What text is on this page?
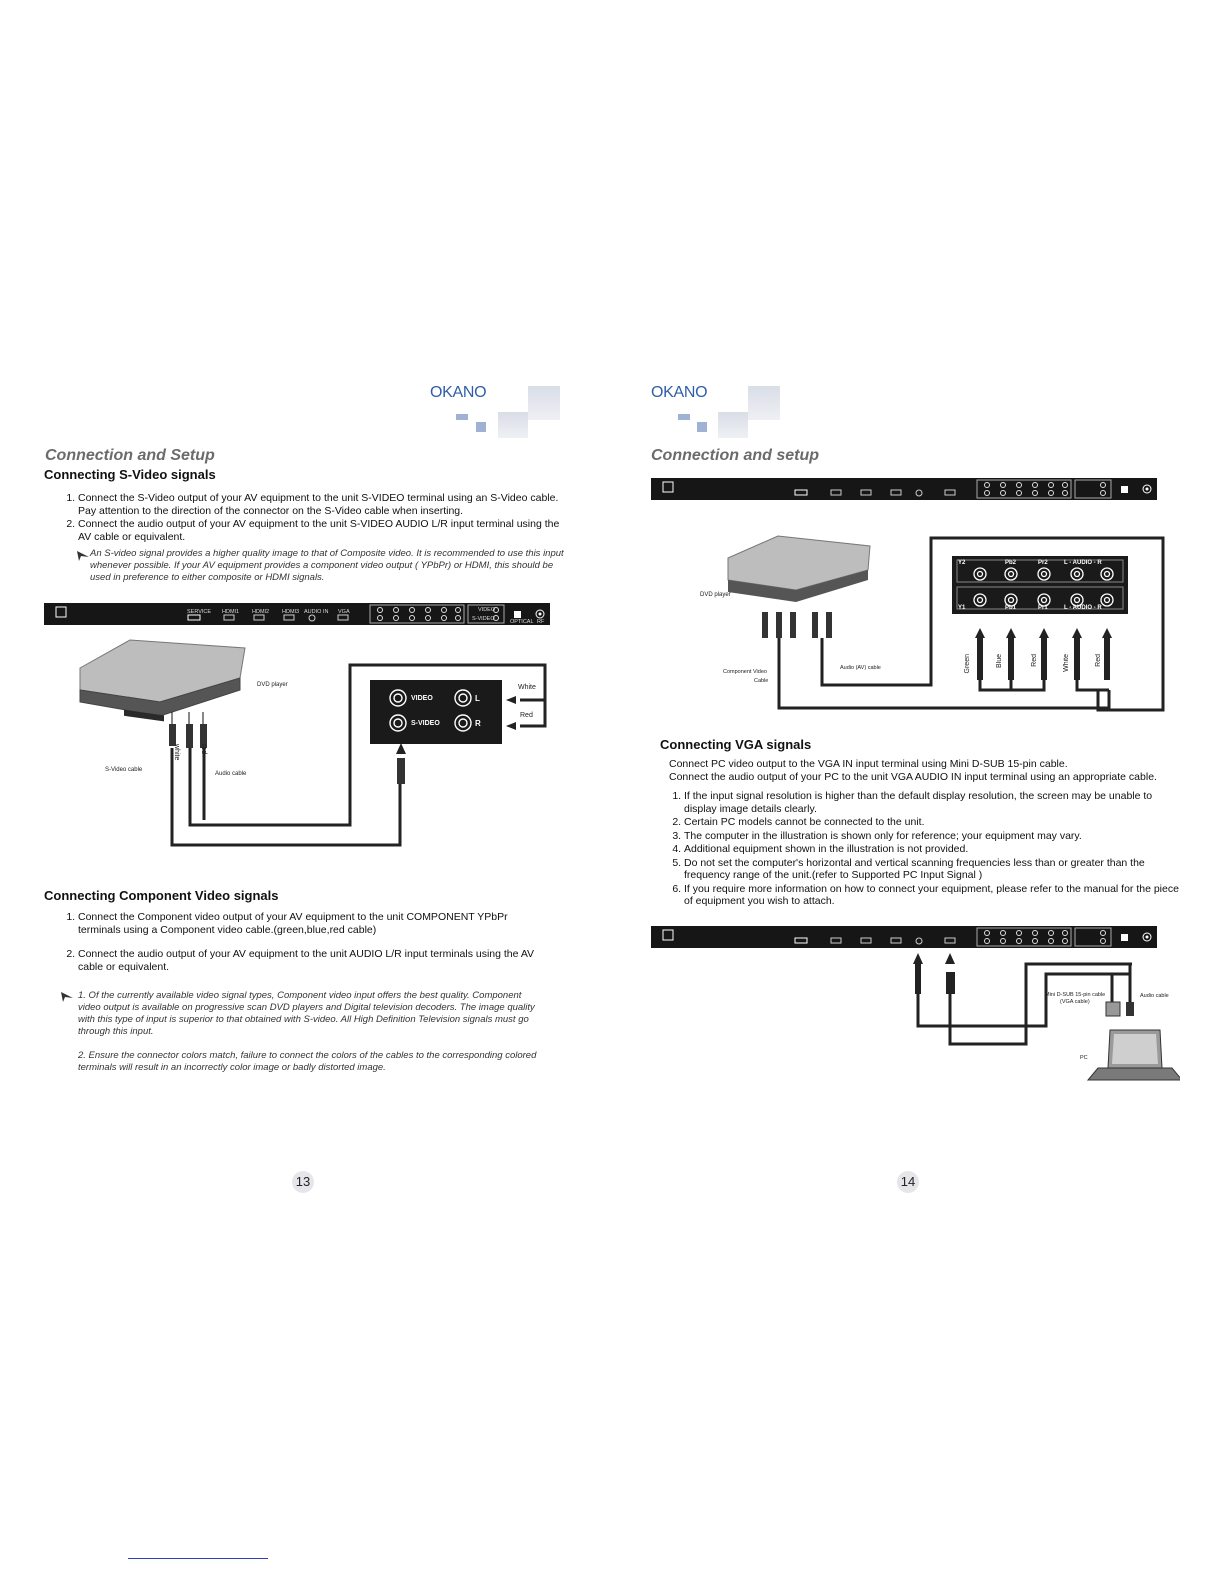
OKANO
Connection and Setup
Connecting S-Video signals
1. Connect the S-Video output of your AV equipment to the unit S-VIDEO terminal using an S-Video cable. Pay attention to the direction of the connector on the S-Video cable when inserting.
2. Connect the audio output of your AV equipment to the unit S-VIDEO AUDIO L/R input terminal using the AV cable or equivalent.
An S-video signal provides a higher quality image to that of Composite video. It is recommended to use this input whenever possible. If your AV equipment provides a component video output ( YPbPr) or HDMI, this should be used in preference to either composite or HDMI signals.
SERVICE HDMI1 HDMI2 HDMI3 AUDIO IN VGA	VIDEO
S-VIDEO	OPTICAL RF
DVD player
S-Video cable
Audio cable
White
Red
white	red
VIDEO
S-VIDEO
L
R
Connecting Component Video signals
1. Connect the Component video output of your AV equipment to the unit COMPONENT YPbPr terminals using a Component video cable.(green,blue,red cable)
2. Connect the audio output of your AV equipment to the unit AUDIO L/R input terminals using the AV cable or equivalent.
1. Of the currently available video signal types, Component video input offers the best quality. Component video output is available on progressive scan DVD players and Digital television decoders. The image quality with this type of input is superior to that obtained with S-video. All High Definition Television signals must go through this input.
2. Ensure the connector colors match, failure to connect the colors of the cables to the corresponding colored terminals will result in an incorrectly color image or badly distorted image.
13
OKANO
Connection and setup
Y2	Pb2	Pr2	L - AUDIO - R
Y1	Pb1	Pr1	L - AUDIO - R
DVD player
Component Video
Cable
Audio (AV) cable	Green	Blue	Red	White	Red
Connecting VGA signals
Connect PC video output to the VGA IN input terminal using Mini D-SUB 15-pin cable.
Connect the audio output of your PC to the unit VGA AUDIO IN input terminal using an appropriate cable.
1. If the input signal resolution is higher than the default display resolution, the screen may be unable to display image details clearly.
2. Certain PC models cannot be connected to the unit.
3. The computer in the illustration is shown only for reference; your equipment may vary.
4. Additional equipment shown in the illustration is not provided.
5. Do not set the computer's horizontal and vertical scanning frequencies less than or greater than the frequency range of the unit.(refer to Supported PC Input Signal )
6. If you require more information on how to connect your equipment, please refer to the manual for the piece of equipment you wish to attach.
Mini D-SUB 15-pin cable
(VGA cable)
Audio cable
PC
14
